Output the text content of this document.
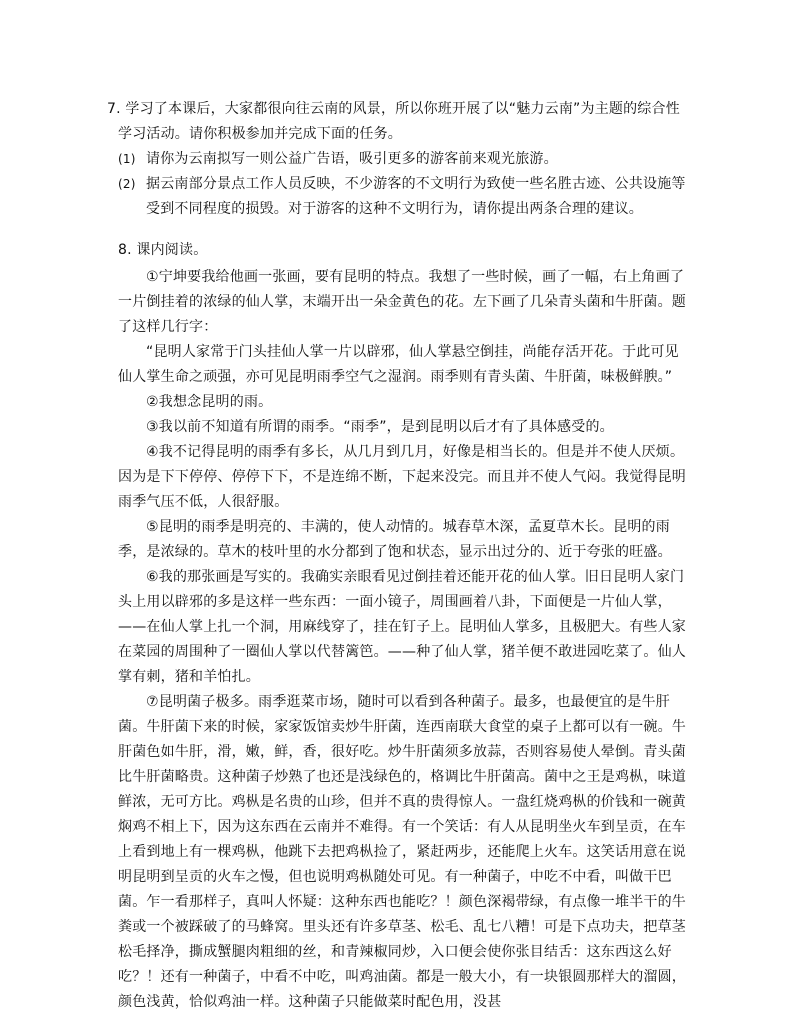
7. 学习了本课后，大家都很向往云南的风景，所以你班开展了以“魅力云南”为主题的综合性学习活动。请你积极参加并完成下面的任务。

(1) 请你为云南拟写一则公益广告语，吸引更多的游客前来观光旅游。
(2) 据云南部分景点工作人员反映，不少游客的不文明行为致使一些名胜古迹、公共设施等受到不同程度的损毁。对于游客的这种不文明行为，请你提出两条合理的建议。

8. 课内阅读。

①宁坤要我给他画一张画，要有昆明的特点。我想了一些时候，画了一幅，右上角画了一片倒挂着的浓绿的仙人掌，末端开出一朵金黄色的花。左下画了几朵青头菌和牛肝菌。题了这样几行字：

“昆明人家常于门头挂仙人掌一片以辟邪，仙人掌悬空倒挂，尚能存活开花。于此可见仙人掌生命之顽强，亦可见昆明雨季空气之湿润。雨季则有青头菌、牛肝菌，味极鲜腴。”

②我想念昆明的雨。

③我以前不知道有所谓的雨季。“雨季”，是到昆明以后才有了具体感受的。

④我不记得昆明的雨季有多长，从几月到几月，好像是相当长的。但是并不使人厌烦。因为是下下停停、停停下下，不是连绵不断，下起来没完。而且并不使人气闷。我觉得昆明雨季气压不低，人很舒服。

⑤昆明的雨季是明亮的、丰满的，使人动情的。城春草木深，孟夏草木长。昆明的雨季，是浓绿的。草木的枝叶里的水分都到了饱和状态，显示出过分的、近于夸张的旺盛。

⑥我的那张画是写实的。我确实亲眼看见过倒挂着还能开花的仙人掌。旧日昆明人家门头上用以辟邪的多是这样一些东西：一面小镜子，周围画着八卦，下面便是一片仙人掌，——在仙人掌上扎一个洞，用麻线穿了，挂在钉子上。昆明仙人掌多，且极肥大。有些人家在菜园的周围种了一圈仙人掌以代替篱笆。——种了仙人掌，猪羊便不敢进园吃菜了。仙人掌有刺，猪和羊怕扎。

⑦昆明菌子极多。雨季逛菜市场，随时可以看到各种菌子。最多，也最便宜的是牛肝菌。牛肝菌下来的时候，家家饭馆卖炒牛肝菌，连西南联大食堂的桌子上都可以有一碗。牛肝菌色如牛肝，滑，嫩，鲜，香，很好吃。炒牛肝菌须多放蒜，否则容易使人晕倒。青头菌比牛肝菌略贵。这种菌子炒熟了也还是浅绿色的，格调比牛肝菌高。菌中之王是鸡枞，味道鲜浓，无可方比。鸡枞是名贵的山珍，但并不真的贵得惊人。一盘红烧鸡枞的价钱和一碗黄焖鸡不相上下，因为这东西在云南并不难得。有一个笑话：有人从昆明坐火车到呈贡，在车上看到地上有一棵鸡枞，他跳下去把鸡枞捡了，紧赶两步，还能爬上火车。这笑话用意在说明昆明到呈贡的火车之慢，但也说明鸡枞随处可见。有一种菌子，中吃不中看，叫做干巴菌。乍一看那样子，真叫人怀疑：这种东西也能吃？！颜色深褐带绿，有点像一堆半干的牛粪或一个被踩破了的马蜂窝。里头还有许多草茎、松毛、乱七八糟！可是下点功夫，把草茎松毛择净，撕成蟹腿肉粗细的丝，和青辣椒同炒，入口便会使你张目结舌：这东西这么好吃？！还有一种菌子，中看不中吃，叫鸡油菌。都是一般大小，有一块银圆那样大的溜圆，颜色浅黄，恰似鸡油一样。这种菌子只能做菜时配色用，没甚
